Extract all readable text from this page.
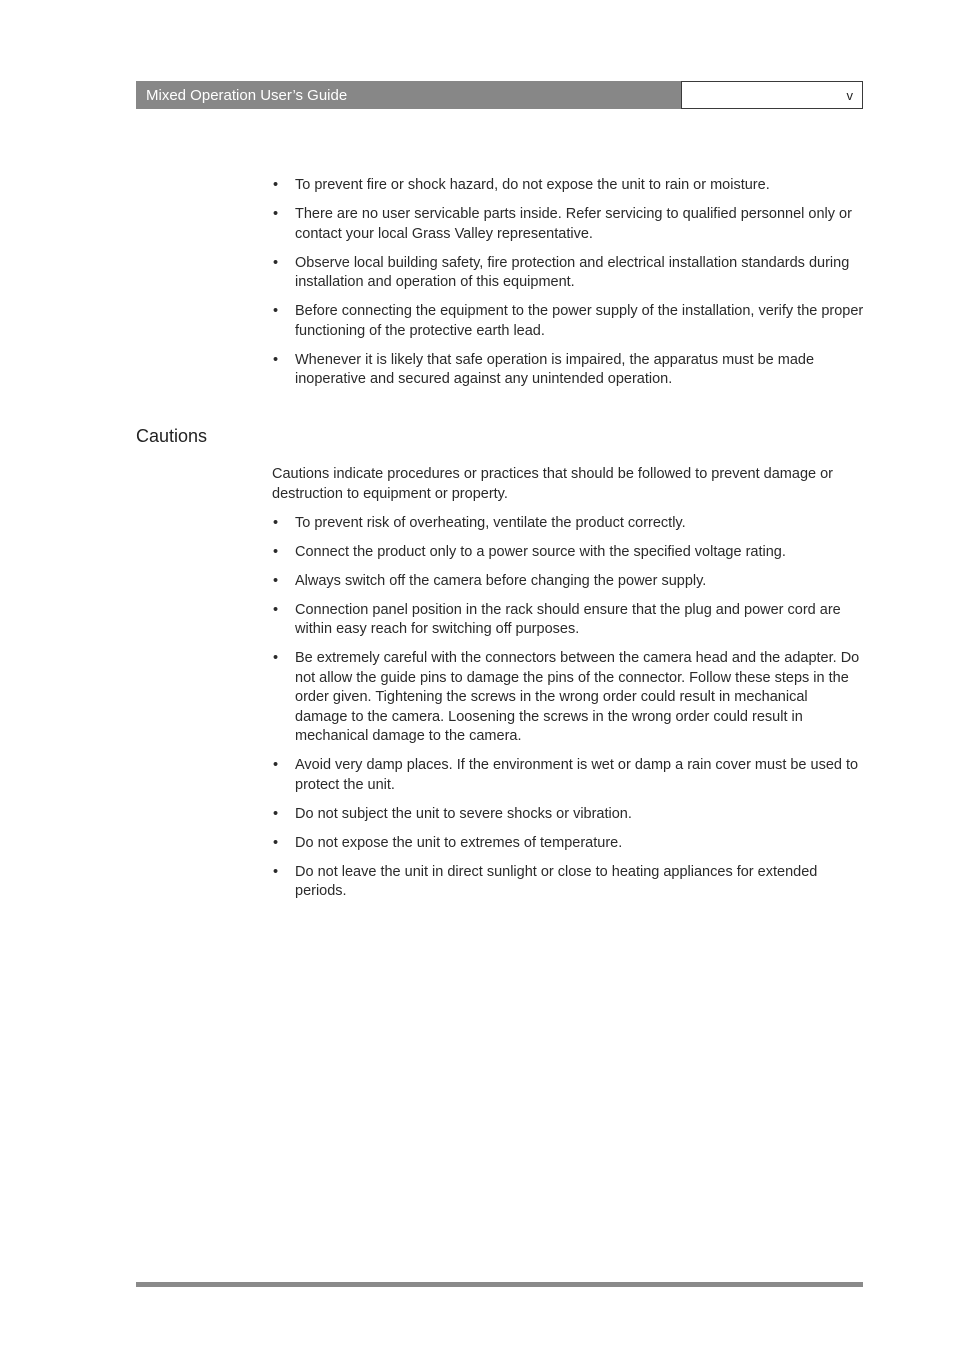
Mixed Operation User’s Guide	v
• To prevent fire or shock hazard, do not expose the unit to rain or moisture.
• There are no user servicable parts inside. Refer servicing to qualified personnel only or contact your local Grass Valley representative.
• Observe local building safety, fire protection and electrical installation standards during installation and operation of this equipment.
• Before connecting the equipment to the power supply of the installation, verify the proper functioning of the protective earth lead.
• Whenever it is likely that safe operation is impaired, the apparatus must be made inoperative and secured against any unintended operation.
Cautions

Cautions indicate procedures or practices that should be followed to prevent damage or destruction to equipment or property.

• To prevent risk of overheating, ventilate the product correctly.
• Connect the product only to a power source with the specified voltage rating.
• Always switch off the camera before changing the power supply.
• Connection panel position in the rack should ensure that the plug and power cord are within easy reach for switching off purposes.
• Be extremely careful with the connectors between the camera head and the adapter. Do not allow the guide pins to damage the pins of the connector. Follow these steps in the order given. Tightening the screws in the wrong order could result in mechanical damage to the camera. Loosening the screws in the wrong order could result in mechanical damage to the camera.
• Avoid very damp places. If the environment is wet or damp a rain cover must be used to protect the unit.
• Do not subject the unit to severe shocks or vibration.
• Do not expose the unit to extremes of temperature.
• Do not leave the unit in direct sunlight or close to heating appliances for extended periods.
